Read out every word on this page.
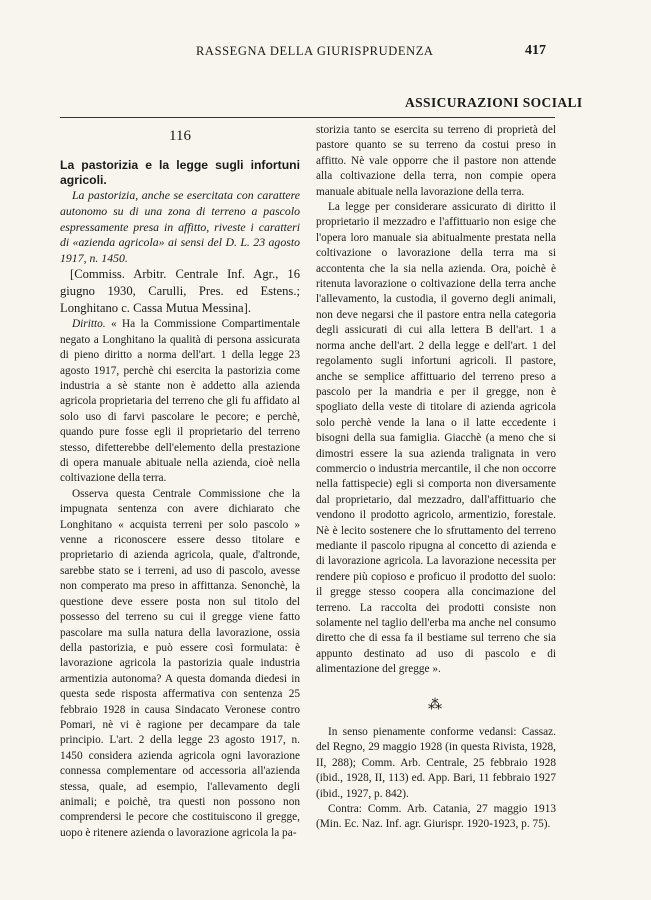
RASSEGNA DELLA GIURISPRUDENZA	417
ASSICURAZIONI SOCIALI
116

La pastorizia e la legge sugli infortuni agricoli.

La pastorizia, anche se esercitata con carattere autonomo su di una zona di terreno a pascolo espressamente presa in affitto, riveste i caratteri di «azienda agricola» ai sensi del D. L. 23 agosto 1917, n. 1450.

[Commiss. Arbitr. Centrale Inf. Agr., 16 giugno 1930, Carulli, Pres. ed Estens.; Longhitano c. Cassa Mutua Messina].

Diritto. « Ha la Commissione Compartimentale negato a Longhitano la qualità di persona assicurata di pieno diritto a norma dell'art. 1 della legge 23 agosto 1917, perchè chi esercita la pastorizia come industria a sè stante non è addetto alla azienda agricola proprietaria del terreno che gli fu affidato al solo uso di farvi pascolare le pecore; e perchè, quando pure fosse egli il proprietario del terreno stesso, difetterebbe dell'elemento della prestazione di opera manuale abituale nella azienda, cioè nella coltivazione della terra.

Osserva questa Centrale Commissione che la impugnata sentenza con avere dichiarato che Longhitano « acquista terreni per solo pascolo » venne a riconoscere essere desso titolare e proprietario di azienda agricola, quale, d'altronde, sarebbe stato se i terreni, ad uso di pascolo, avesse non comperato ma preso in affittanza. Senonchè, la questione deve essere posta non sul titolo del possesso del terreno su cui il gregge viene fatto pascolare ma sulla natura della lavorazione, ossia della pastorizia, e può essere così formulata: è lavorazione agricola la pastorizia quale industria armentizia autonoma? A questa domanda diedesi in questa sede risposta affermativa con sentenza 25 febbraio 1928 in causa Sindacato Veronese contro Pomari, nè vi è ragione per decampare da tale principio. L'art. 2 della legge 23 agosto 1917, n. 1450 considera azienda agricola ogni lavorazione connessa complementare od accessoria all'azienda stessa, quale, ad esempio, l'allevamento degli animali; e poichè, tra questi non possono non comprendersi le pecore che costituiscono il gregge, uopo è ritenere azienda o lavorazione agricola la pa-

storizia tanto se esercita su terreno di proprietà del pastore quanto se su terreno da costui preso in affitto. Nè vale opporre che il pastore non attende alla coltivazione della terra, non compie opera manuale abituale nella lavorazione della terra.

La legge per considerare assicurato di diritto il proprietario il mezzadro e l'affittuario non esige che l'opera loro manuale sia abitualmente prestata nella coltivazione o lavorazione della terra ma si accontenta che la sia nella azienda. Ora, poichè è ritenuta lavorazione o coltivazione della terra anche l'allevamento, la custodia, il governo degli animali, non deve negarsi che il pastore entra nella categoria degli assicurati di cui alla lettera B dell'art. 1 a norma anche dell'art. 2 della legge e dell'art. 1 del regolamento sugli infortuni agricoli. Il pastore, anche se semplice affittuario del terreno preso a pascolo per la mandria e per il gregge, non è spogliato della veste di titolare di azienda agricola solo perchè vende la lana o il latte eccedente i bisogni della sua famiglia. Giacchè (a meno che si dimostri essere la sua azienda tralignata in vero commercio o industria mercantile, il che non occorre nella fattispecie) egli si comporta non diversamente dal proprietario, dal mezzadro, dall'affittuario che vendono il prodotto agricolo, armentizio, forestale. Nè è lecito sostenere che lo sfruttamento del terreno mediante il pascolo ripugna al concetto di azienda e di lavorazione agricola. La lavorazione necessita per rendere più copioso e proficuo il prodotto del suolo: il gregge stesso coopera alla concimazione del terreno. La raccolta dei prodotti consiste non solamente nel taglio dell'erba ma anche nel consumo diretto che di essa fa il bestiame sul terreno che sia appunto destinato ad uso di pascolo e di alimentazione del gregge ».

⁂

In senso pienamente conforme vedansi: Cassaz. del Regno, 29 maggio 1928 (in questa Rivista, 1928, II, 288); Comm. Arb. Centrale, 25 febbraio 1928 (ibid., 1928, II, 113) ed. App. Bari, 11 febbraio 1927 (ibid., 1927, p. 842).

Contra: Comm. Arb. Catania, 27 maggio 1913 (Min. Ec. Naz. Inf. agr. Giurispr. 1920-1923, p. 75).
